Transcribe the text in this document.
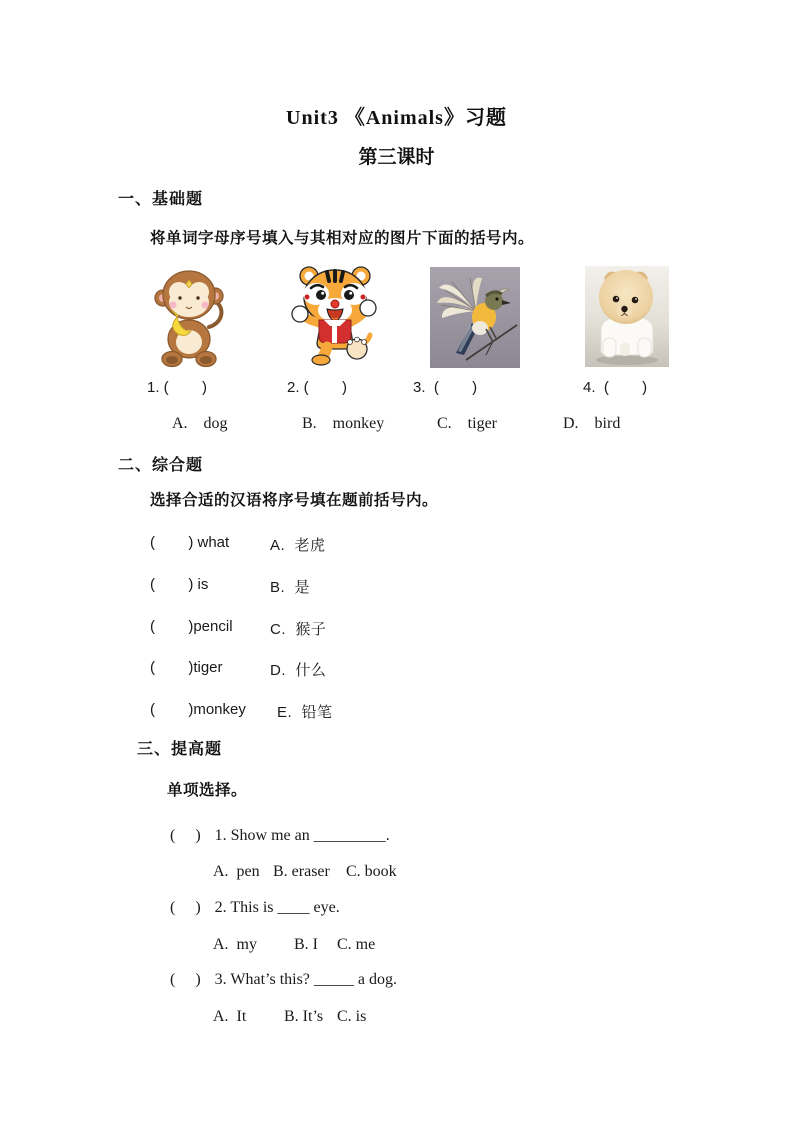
Unit3 《Animals》习题
第三课时
一、基础题
将单词字母序号填入与其相对应的图片下面的括号内。
1. (        )	2. (        )	3.  (        )	4.  (        )
A.    dog	B.    monkey	C.    tiger	D.    bird
二、综合题
选择合适的汉语将序号填在题前括号内。
(        ) what	A.  老虎
(        ) is	B.  是
(        )pencil C.  猴子
(        )tiger	D.  什么
(        )monkey E.  铅笔
三、提高题
单项选择。
(     ) 1. Show me an _________.
A.  pen B. eraser	C. book
(     ) 2. This is ____ eye.
A.  my	B. I	C. me
(     ) 3. What’s this? _____ a dog.
A.  It	B. It’s C. is
